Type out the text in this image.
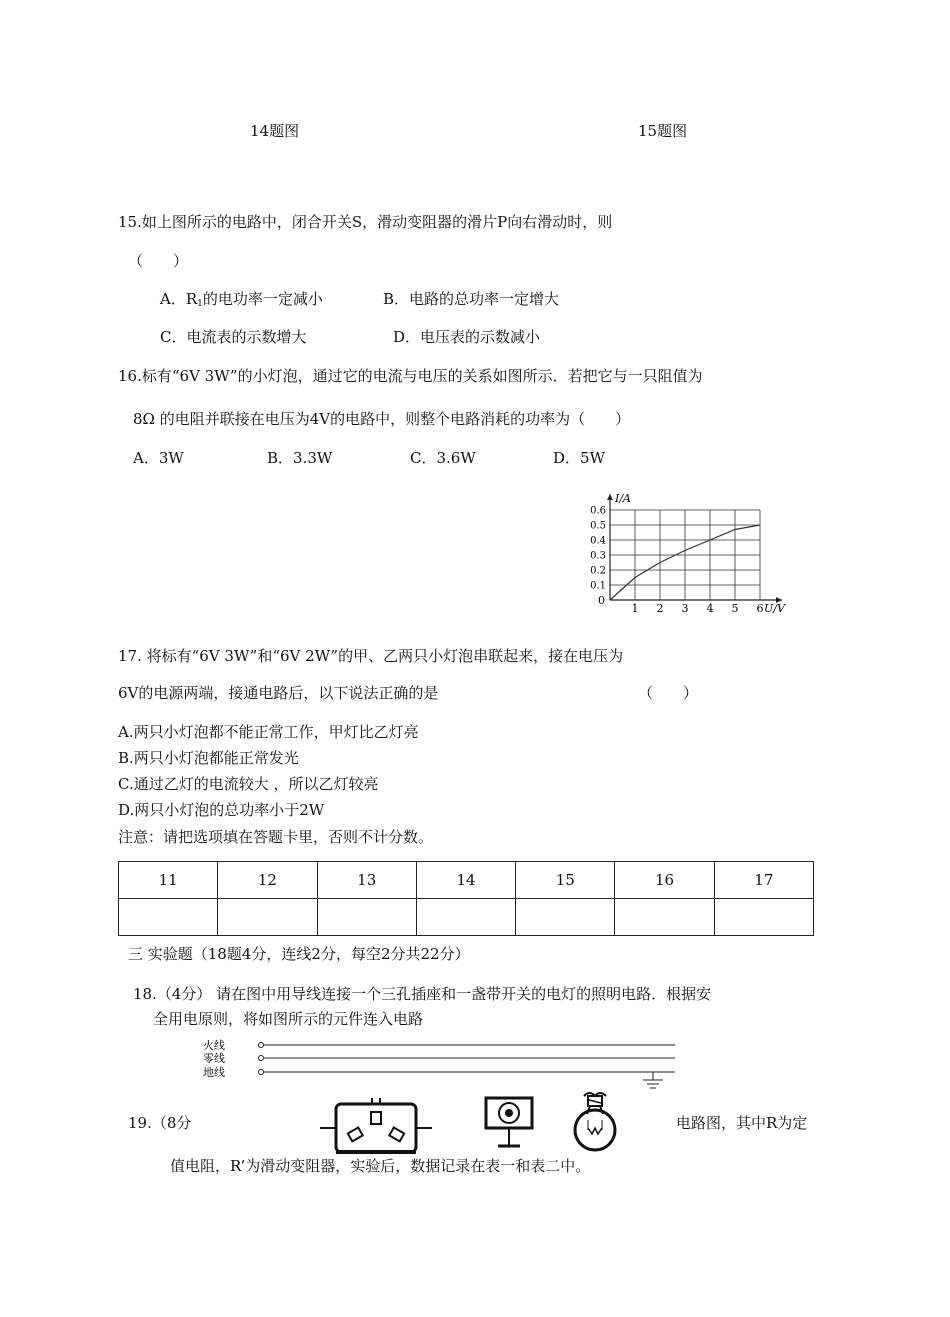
14题图	15题图
15.如上图所示的电路中，闭合开关S，滑动变阻器的滑片P向右滑动时，则
（　　）
A．$R_1$的电功率一定减小	B．电路的总功率一定增大
C．电流表的示数增大	D．电压表的示数减小
16.标有“6V 3W”的小灯泡，通过它的电流与电压的关系如图所示．若把它与一只阻值为
8Ω 的电阻并联接在电压为4V的电路中，则整个电路消耗的功率为（　　）
A．3W	B．3.3W	C．3.6W	D．5W
1 2 3 4 5 6
0.1
0.2
0.3
0.4
0.5
0.6
I/A
U/V
0
17. 将标有“6V 3W”和“6V 2W”的甲、乙两只小灯泡串联起来，接在电压为
6V的电源两端，接通电路后，以下说法正确的是	（　　）
A.两只小灯泡都不能正常工作，甲灯比乙灯亮
B.两只小灯泡都能正常发光
C.通过乙灯的电流较大 ，所以乙灯较亮
D.两只小灯泡的总功率小于2W
注意：请把选项填在答题卡里，否则不计分数。
11	12	13	14	15	16	17

三 实验题（18题4分，连线2分，每空2分共22分）
18.（4分） 请在图中用导线连接一个三孔插座和一盏带开关的电灯的照明电路．根据安
全用电原则，将如图所示的元件连入电路
火线
零线
地线
19.（8分	电路图，其中R为定
值电阻，R’为滑动变阻器，实验后，数据记录在表一和表二中。
